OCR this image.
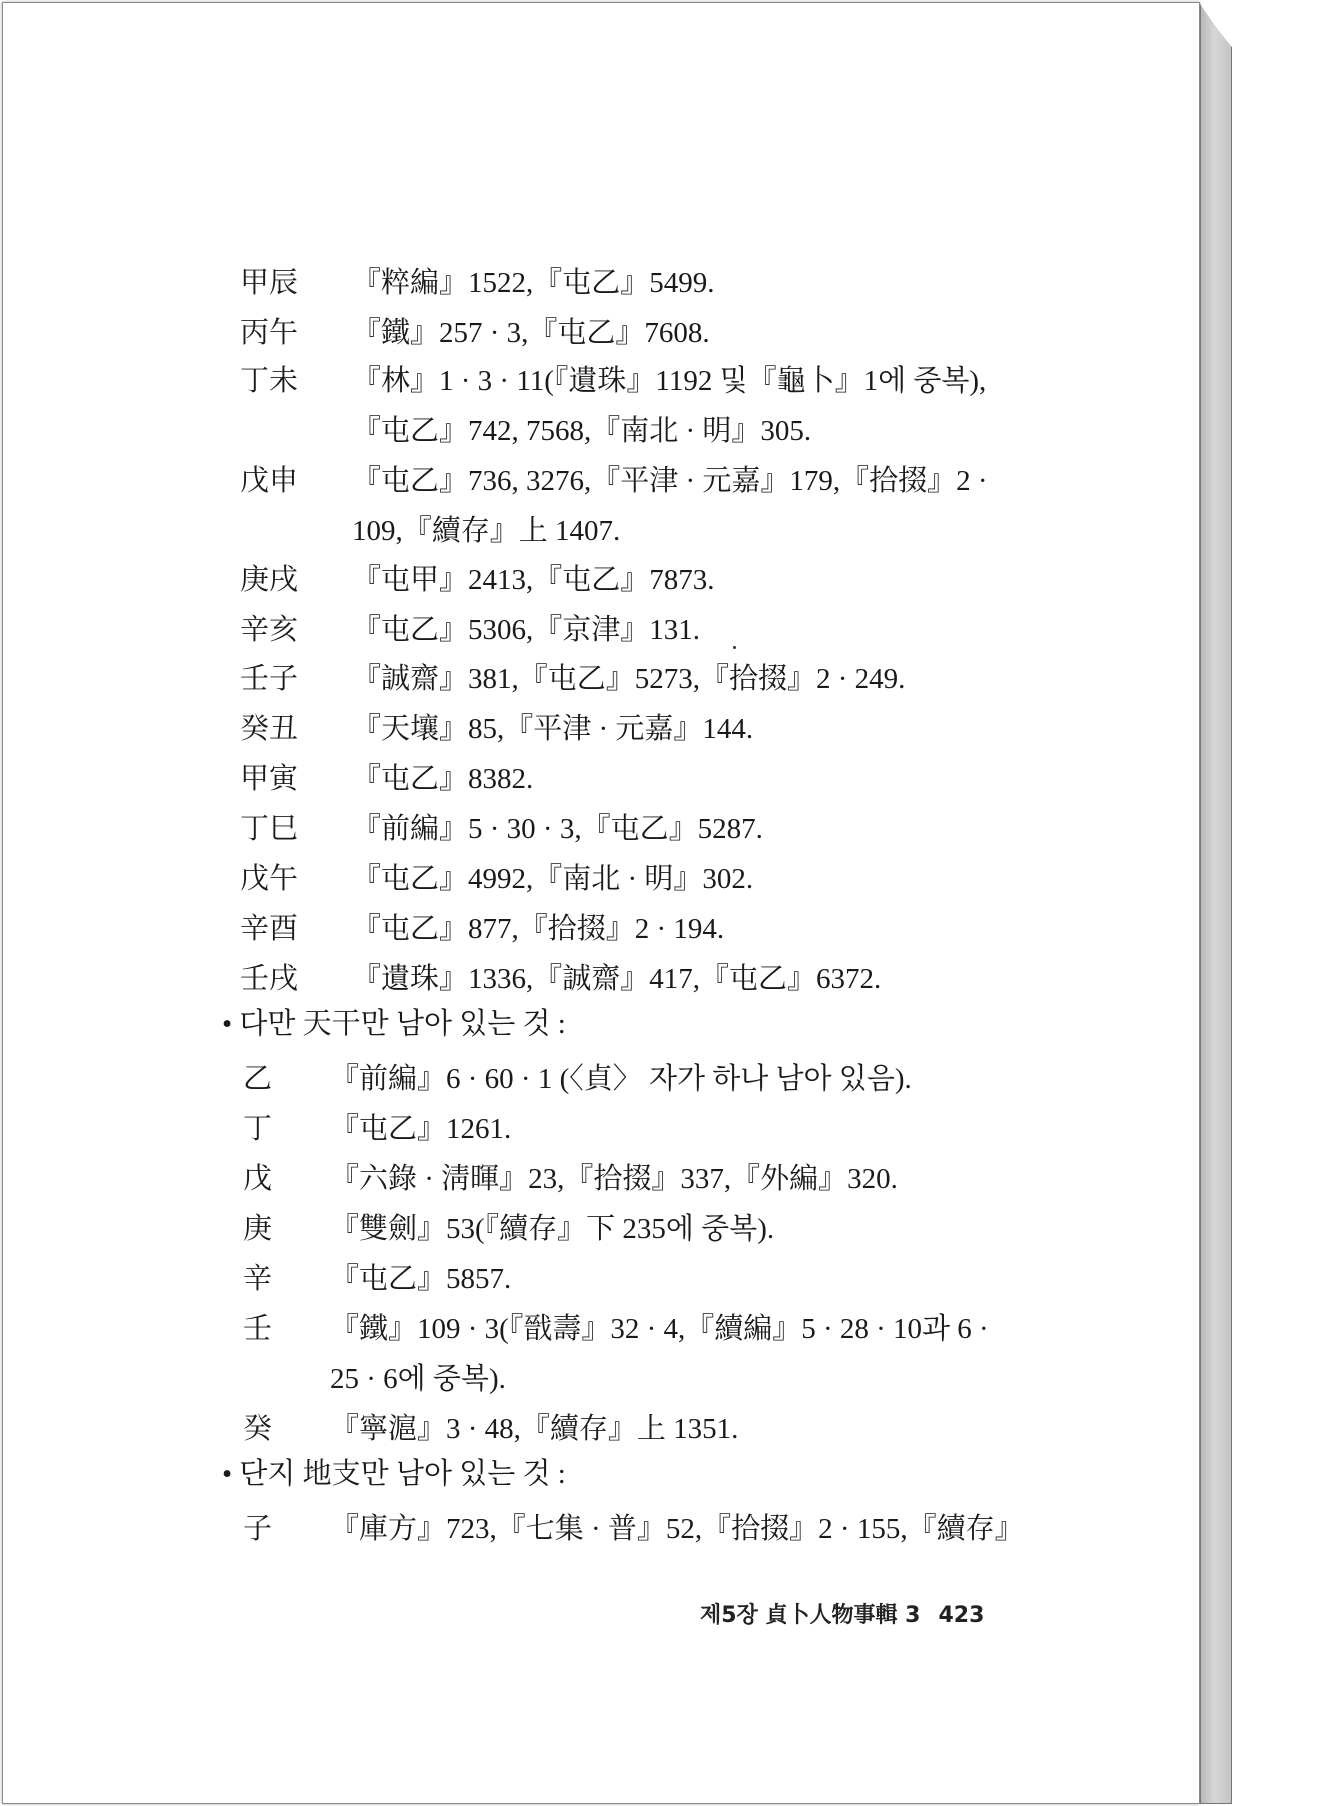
甲辰 『粹編』1522,『屯乙』5499.
丙午 『鐵』257 · 3,『屯乙』7608.
丁未 『林』1 · 3 · 11(『遺珠』1192 및『龜卜』1에 중복),
『屯乙』742, 7568,『南北 · 明』305.
戊申 『屯乙』736, 3276,『平津 · 元嘉』179,『拾掇』2 ·
109,『續存』上 1407.
庚戌 『屯甲』2413,『屯乙』7873.
辛亥 『屯乙』5306,『京津』131.
壬子 『誠齋』381,『屯乙』5273,『拾掇』2 · 249.
癸丑 『天壤』85,『平津 · 元嘉』144.
甲寅 『屯乙』8382.
丁巳 『前編』5 · 30 · 3,『屯乙』5287.
戊午 『屯乙』4992,『南北 · 明』302.
辛酉 『屯乙』877,『拾掇』2 · 194.
壬戌 『遺珠』1336,『誠齋』417,『屯乙』6372.
• 다만 天干만 남아 있는 것 :
乙 『前編』6 · 60 · 1 (〈貞〉 자가 하나 남아 있음).
丁 『屯乙』1261.
戊 『六錄 · 淸暉』23,『拾掇』337,『外編』320.
庚 『雙劍』53(『續存』下 235에 중복).
辛 『屯乙』5857.
壬 『鐵』109 · 3(『戩壽』32 · 4,『續編』5 · 28 · 10과 6 ·
25 · 6에 중복).
癸 『寧滬』3 · 48,『續存』上 1351.
• 단지 地支만 남아 있는 것 :
子 『庫方』723,『七集 · 普』52,『拾掇』2 · 155,『續存』
제5장 貞卜人物事輯 3 423
